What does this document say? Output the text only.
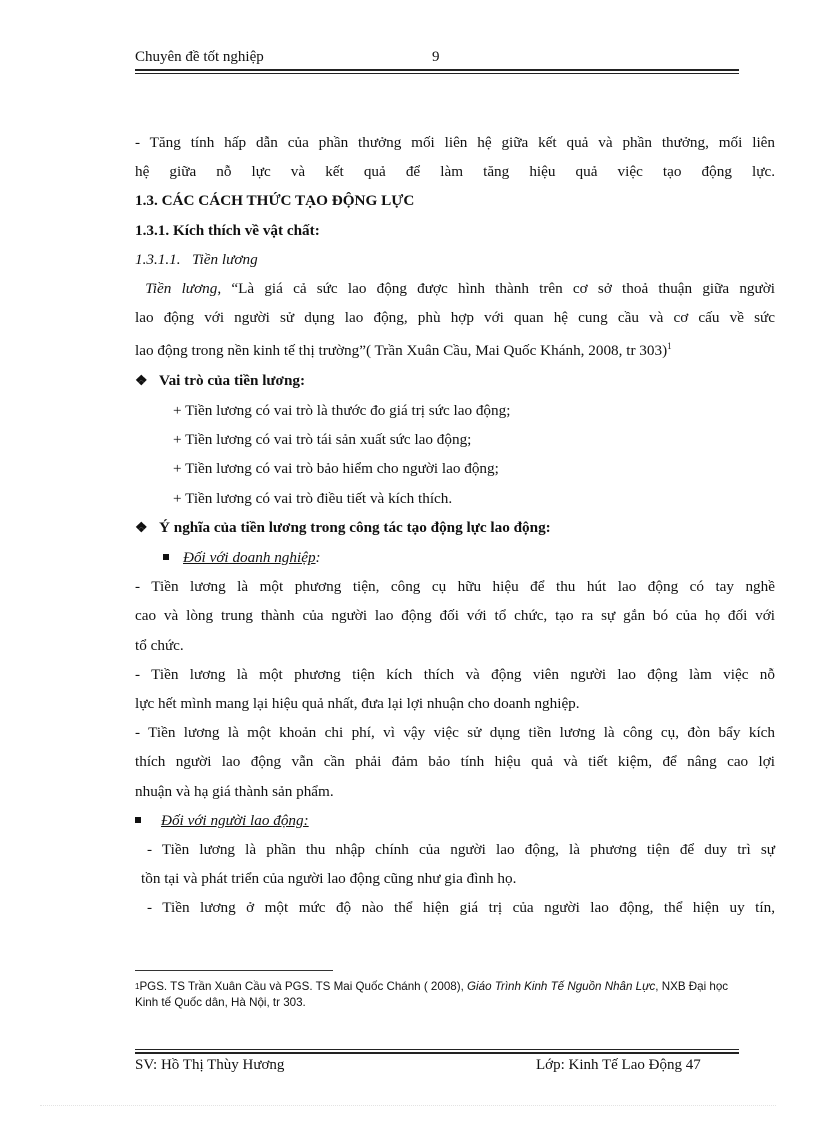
Chuyên đề tốt nghiệp	9

- Tăng tính hấp dẫn của phần thưởng mối liên hệ giữa kết quả và phần thưởng, mối liên

hệ giữa nỗ lực và kết quả để làm tăng hiệu quả việc tạo động lực.

1.3. CÁC CÁCH THỨC TẠO ĐỘNG LỰC

1.3.1. Kích thích về vật chất:

1.3.1.1.   Tiền lương

Tiền lương, “Là giá cả sức lao động được hình thành trên cơ sở thoả thuận giữa người

lao động với người sử dụng lao động, phù hợp với quan hệ cung cầu và cơ cấu về sức

lao động trong nền kinh tế thị trường”( Trần Xuân Cầu, Mai Quốc Khánh, 2008, tr 303)$^1$

❖ Vai trò của tiền lương:

+ Tiền lương có vai trò là thước đo giá trị sức lao động;

+ Tiền lương có vai trò tái sản xuất sức lao động;

+ Tiền lương có vai trò bảo hiểm cho người lao động;

+ Tiền lương có vai trò điều tiết và kích thích.

❖ Ý nghĩa của tiền lương trong công tác tạo động lực lao động:
Đối với doanh nghiệp:

- Tiền lương là một phương tiện, công cụ hữu hiệu để thu hút lao động có tay nghề

cao và lòng trung thành của người lao động đối với tổ chức, tạo ra sự gắn bó của họ đối với

tổ chức.

- Tiền lương là một phương tiện kích thích và động viên người lao động làm việc nỗ

lực hết mình mang lại hiệu quả nhất, đưa lại lợi nhuận cho doanh nghiệp.

- Tiền lương là một khoản chi phí, vì vậy việc sử dụng tiền lương là công cụ, đòn bẩy kích

thích người lao động vẫn cần phải đảm bảo tính hiệu quả và tiết kiệm, để nâng cao lợi

nhuận và hạ giá thành sản phẩm.

Đối với người lao động:

- Tiền lương là phần thu nhập chính của người lao động, là phương tiện để duy trì sự

tồn tại và phát triển của người lao động cũng như gia đình họ.

- Tiền lương ở một mức độ nào thể hiện giá trị của người lao động, thể hiện uy tín,

$^1$PGS. TS Trần Xuân Cầu và PGS. TS Mai Quốc Chánh ( 2008), Giáo Trình Kinh Tế Nguồn Nhân Lực, NXB Đại học Kinh tế Quốc dân, Hà Nội, tr 303.
SV: Hồ Thị Thùy Hương	Lớp: Kinh Tế Lao Động 47
